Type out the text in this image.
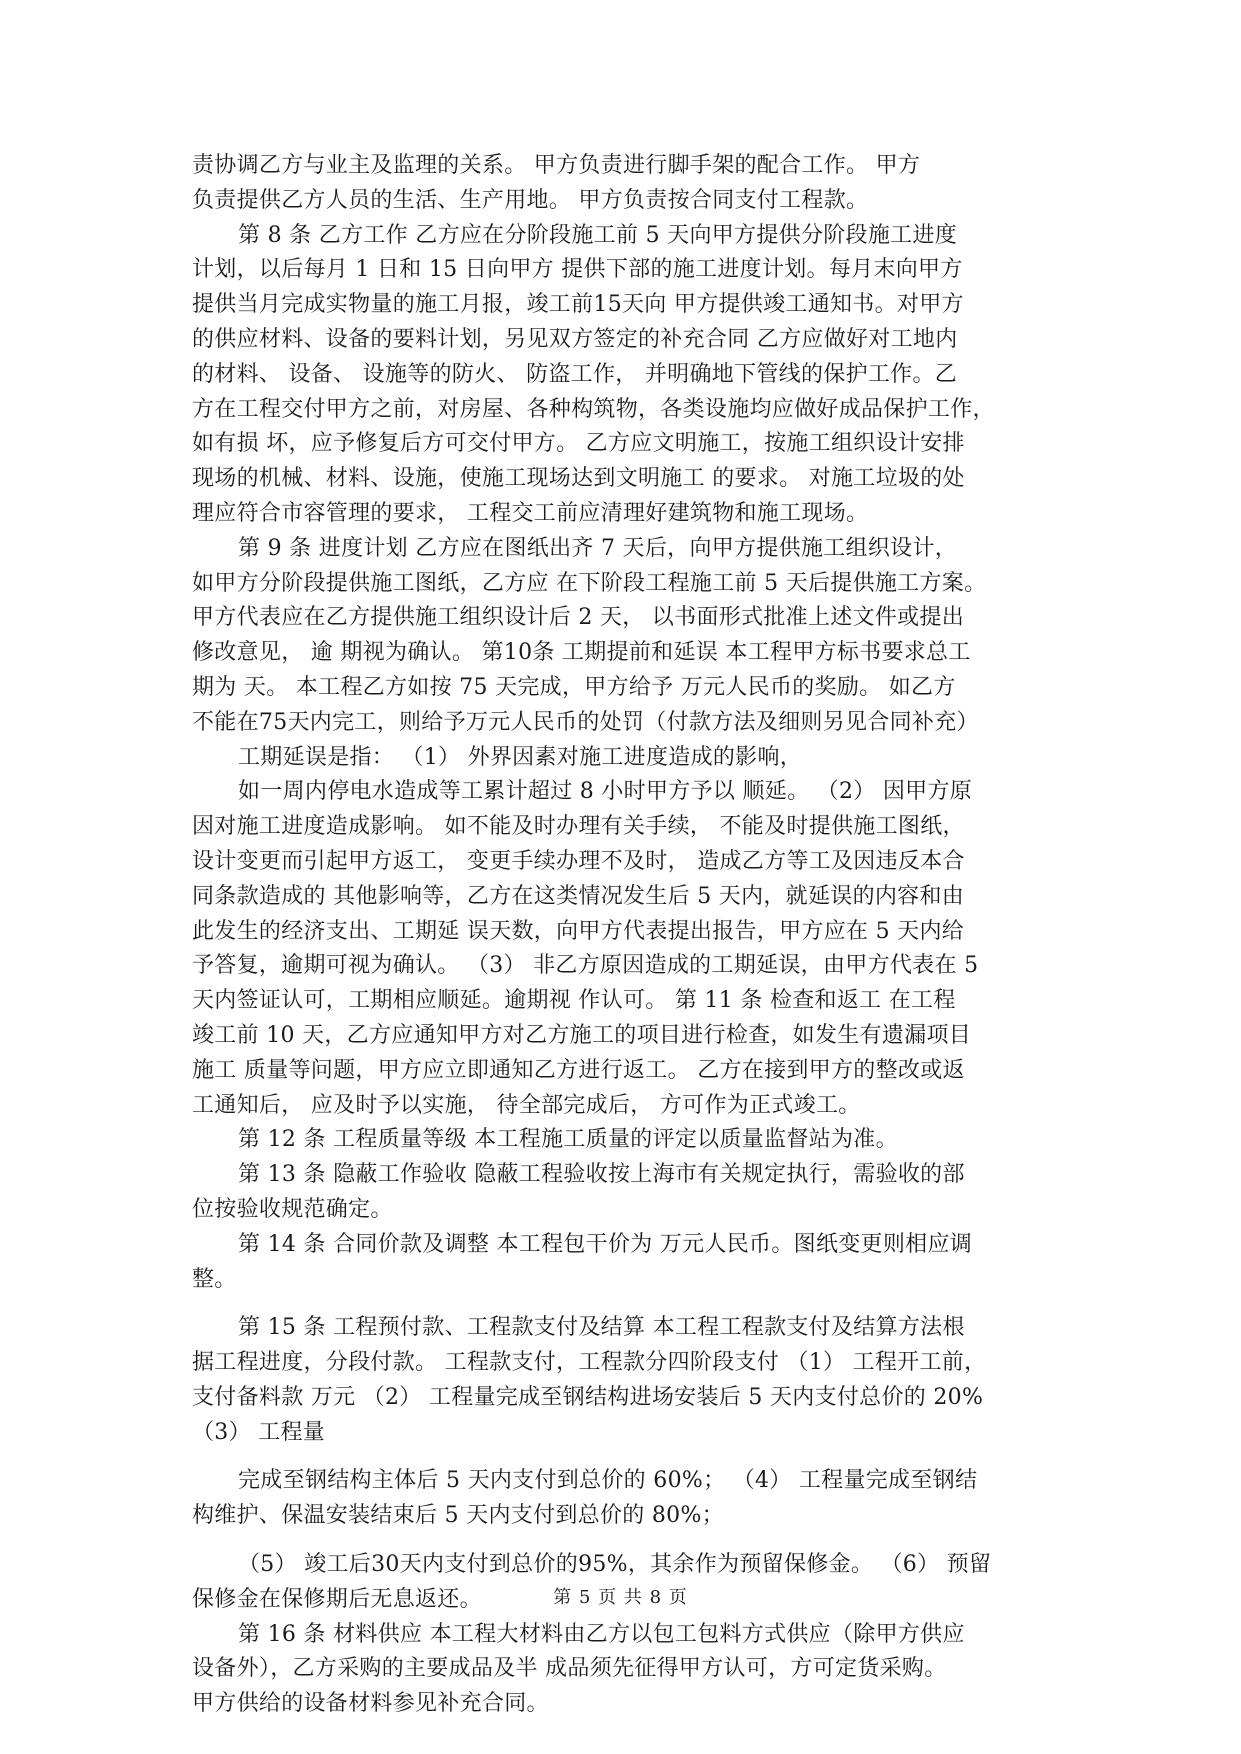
责协调乙方与业主及监理的关系。 甲方负责进行脚手架的配合工作。 甲方
负责提供乙方人员的生活、生产用地。 甲方负责按合同支付工程款。
第 8 条 乙方工作 乙方应在分阶段施工前 5 天向甲方提供分阶段施工进度
计划，以后每月 1 日和 15 日向甲方 提供下部的施工进度计划。每月末向甲方
提供当月完成实物量的施工月报，竣工前15天向 甲方提供竣工通知书。对甲方
的供应材料、设备的要料计划，另见双方签定的补充合同 乙方应做好对工地内
的材料、 设备、 设施等的防火、 防盗工作， 并明确地下管线的保护工作。乙
方在工程交付甲方之前，对房屋、各种构筑物，各类设施均应做好成品保护工作，
如有损 坏，应予修复后方可交付甲方。 乙方应文明施工，按施工组织设计安排
现场的机械、材料、设施，使施工现场达到文明施工 的要求。 对施工垃圾的处
理应符合市容管理的要求， 工程交工前应清理好建筑物和施工现场。
第 9 条 进度计划 乙方应在图纸出齐 7 天后，向甲方提供施工组织设计，
如甲方分阶段提供施工图纸，乙方应 在下阶段工程施工前 5 天后提供施工方案。
甲方代表应在乙方提供施工组织设计后 2 天， 以书面形式批准上述文件或提出
修改意见， 逾 期视为确认。 第10条 工期提前和延误 本工程甲方标书要求总工
期为 天。 本工程乙方如按 75 天完成，甲方给予 万元人民币的奖励。 如乙方
不能在75天内完工，则给予万元人民币的处罚（付款方法及细则另见合同补充）
工期延误是指： （1） 外界因素对施工进度造成的影响，
如一周内停电水造成等工累计超过 8 小时甲方予以 顺延。 （2） 因甲方原
因对施工进度造成影响。 如不能及时办理有关手续， 不能及时提供施工图纸，
设计变更而引起甲方返工， 变更手续办理不及时， 造成乙方等工及因违反本合
同条款造成的 其他影响等，乙方在这类情况发生后 5 天内，就延误的内容和由
此发生的经济支出、工期延 误天数，向甲方代表提出报告，甲方应在 5 天内给
予答复，逾期可视为确认。 （3） 非乙方原因造成的工期延误，由甲方代表在 5
天内签证认可，工期相应顺延。逾期视 作认可。 第 11 条 检查和返工 在工程
竣工前 10 天，乙方应通知甲方对乙方施工的项目进行检查，如发生有遗漏项目
施工 质量等问题，甲方应立即通知乙方进行返工。 乙方在接到甲方的整改或返
工通知后， 应及时予以实施， 待全部完成后， 方可作为正式竣工。
第 12 条 工程质量等级 本工程施工质量的评定以质量监督站为准。
第 13 条 隐蔽工作验收 隐蔽工程验收按上海市有关规定执行，需验收的部
位按验收规范确定。
第 14 条 合同价款及调整 本工程包干价为 万元人民币。图纸变更则相应调
整。
第 15 条 工程预付款、工程款支付及结算 本工程工程款支付及结算方法根
据工程进度，分段付款。 工程款支付，工程款分四阶段支付 （1） 工程开工前，
支付备料款 万元 （2） 工程量完成至钢结构进场安装后 5 天内支付总价的 20%
（3） 工程量
完成至钢结构主体后 5 天内支付到总价的 60%； （4） 工程量完成至钢结
构维护、保温安装结束后 5 天内支付到总价的 80%；
（5） 竣工后30天内支付到总价的95%，其余作为预留保修金。 （6） 预留
保修金在保修期后无息返还。
第 16 条 材料供应 本工程大材料由乙方以包工包料方式供应（除甲方供应
设备外），乙方采购的主要成品及半 成品须先征得甲方认可，方可定货采购。
甲方供给的设备材料参见补充合同。
第 5 页 共 8 页
